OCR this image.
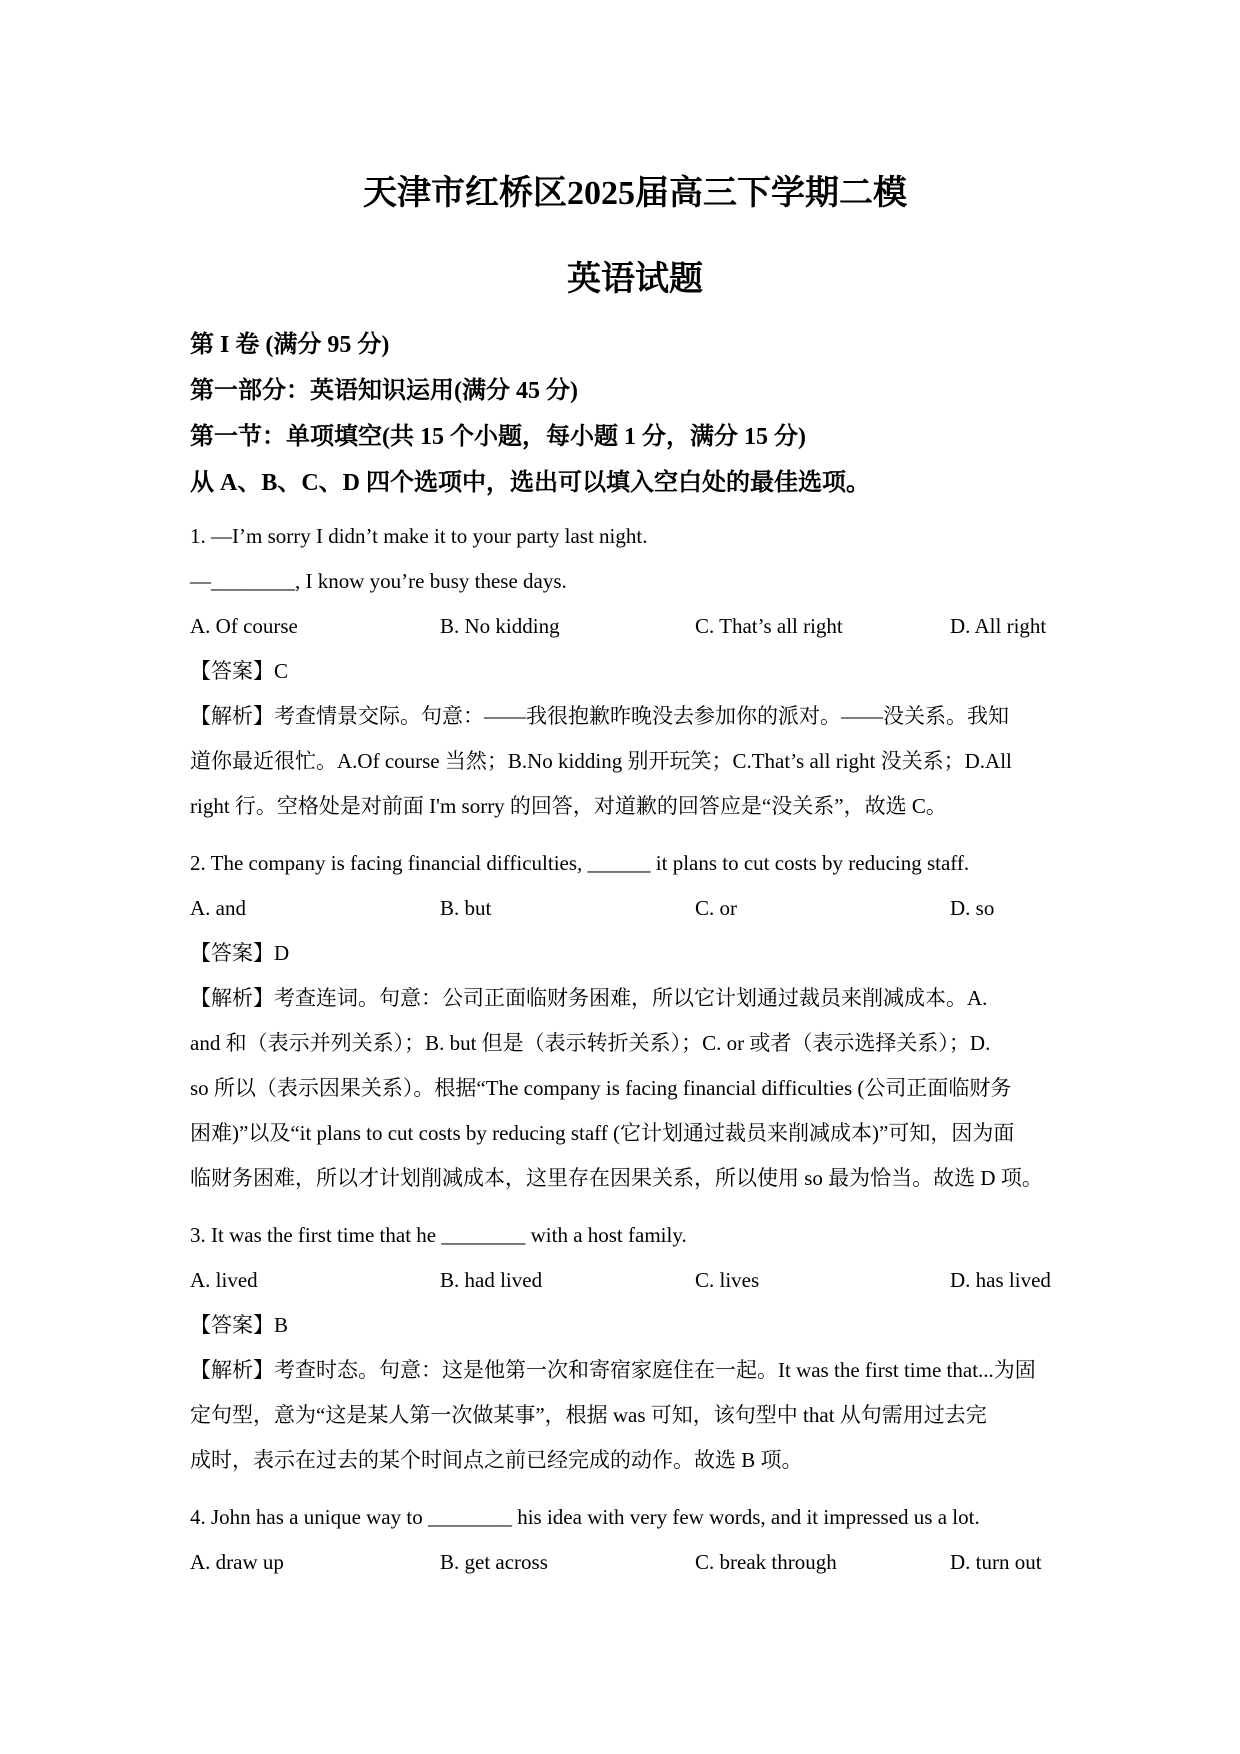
天津市红桥区2025届高三下学期二模
英语试题
第 I 卷 (满分 95 分)
第一部分：英语知识运用(满分 45 分)
第一节：单项填空(共 15 个小题，每小题 1 分，满分 15 分)
从 A、B、C、D 四个选项中，选出可以填入空白处的最佳选项。
1. —I’m sorry I didn’t make it to your party last night.
—________, I know you’re busy these days.
A. Of course	B. No kidding	C. That’s all right	D. All right
【答案】C
【解析】考查情景交际。句意：——我很抱歉昨晚没去参加你的派对。——没关系。我知
道你最近很忙。A.Of course 当然；B.No kidding 别开玩笑；C.That’s all right 没关系；D.All
right 行。空格处是对前面 I'm sorry 的回答，对道歉的回答应是“没关系”，故选 C。
2. The company is facing financial difficulties, ______ it plans to cut costs by reducing staff.
A. and	B. but	C. or	D. so
【答案】D
【解析】考查连词。句意：公司正面临财务困难，所以它计划通过裁员来削减成本。A.
and 和（表示并列关系）；B. but 但是（表示转折关系）；C. or 或者（表示选择关系）；D.
so 所以（表示因果关系）。根据“The company is facing financial difficulties (公司正面临财务
困难)”以及“it plans to cut costs by reducing staff (它计划通过裁员来削减成本)”可知，因为面
临财务困难，所以才计划削减成本，这里存在因果关系，所以使用 so 最为恰当。故选 D 项。
3. It was the first time that he ________ with a host family.
A. lived	B. had lived	C. lives	D. has lived
【答案】B
【解析】考查时态。句意：这是他第一次和寄宿家庭住在一起。It was the first time that...为固
定句型，意为“这是某人第一次做某事”，根据 was 可知，该句型中 that 从句需用过去完
成时，表示在过去的某个时间点之前已经完成的动作。故选 B 项。
4. John has a unique way to ________ his idea with very few words, and it impressed us a lot.
A. draw up	B. get across	C. break through	D. turn out
